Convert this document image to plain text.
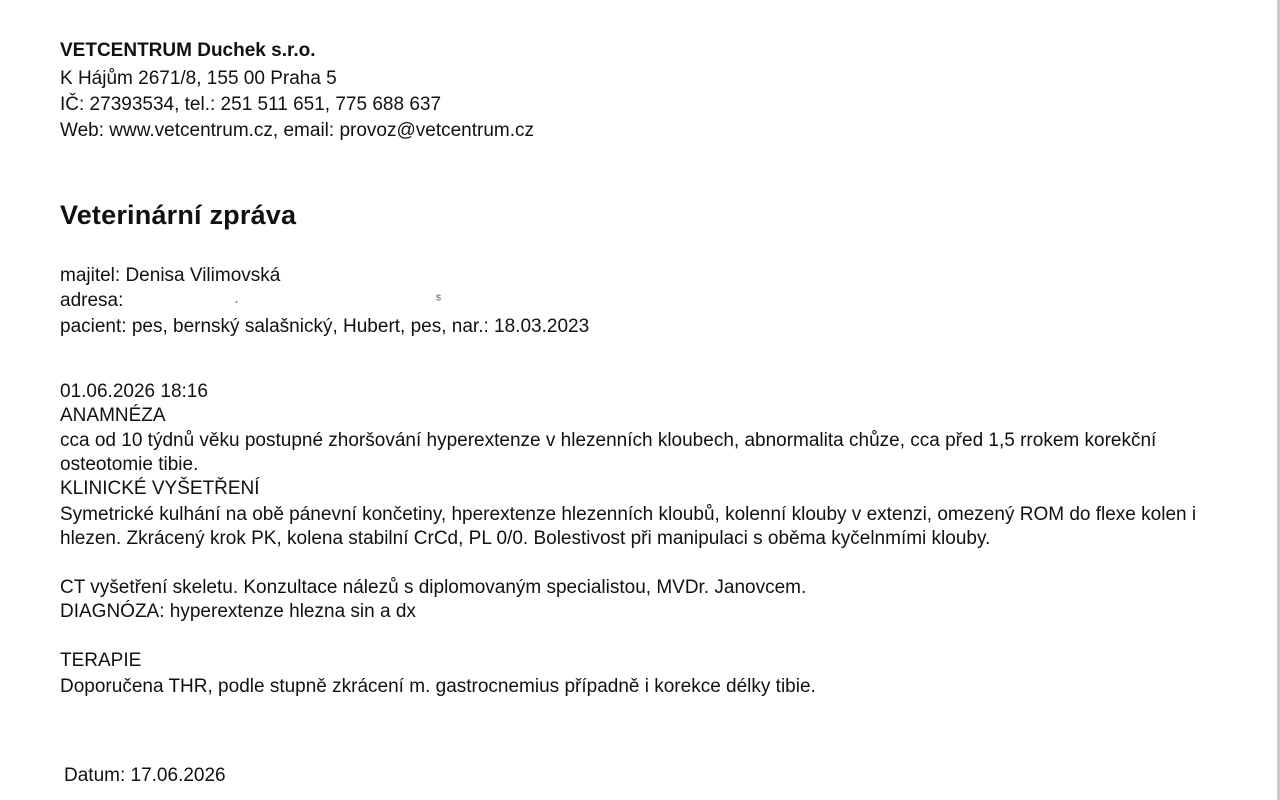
VETCENTRUM Duchek s.r.o.
K Hájům 2671/8, 155 00 Praha 5
IČ: 27393534, tel.: 251 511 651, 775 688 637
Web: www.vetcentrum.cz, email: provoz@vetcentrum.cz
Veterinární zpráva
majitel: Denisa Vilimovská
adresa:	·	ˢ
pacient: pes, bernský salašnický, Hubert, pes, nar.: 18.03.2023
01.06.2026 18:16
ANAMNÉZA
cca od 10 týdnů věku postupné zhoršování hyperextenze v hlezenních kloubech, abnormalita chůze, cca před 1,5 rrokem korekční osteotomie tibie.
KLINICKÉ VYŠETŘENÍ
Symetrické kulhání na obě pánevní končetiny, hperextenze hlezenních kloubů, kolenní klouby v extenzi, omezený ROM do flexe kolen i hlezen. Zkrácený krok PK, kolena stabilní CrCd, PL 0/0. Bolestivost při manipulaci s oběma kyčelnmími klouby.
CT vyšetření skeletu. Konzultace nálezů s diplomovaným specialistou, MVDr. Janovcem.
DIAGNÓZA: hyperextenze hlezna sin a dx
TERAPIE
Doporučena THR, podle stupně zkrácení m. gastrocnemius případně i korekce délky tibie.
Datum: 17.06.2026
